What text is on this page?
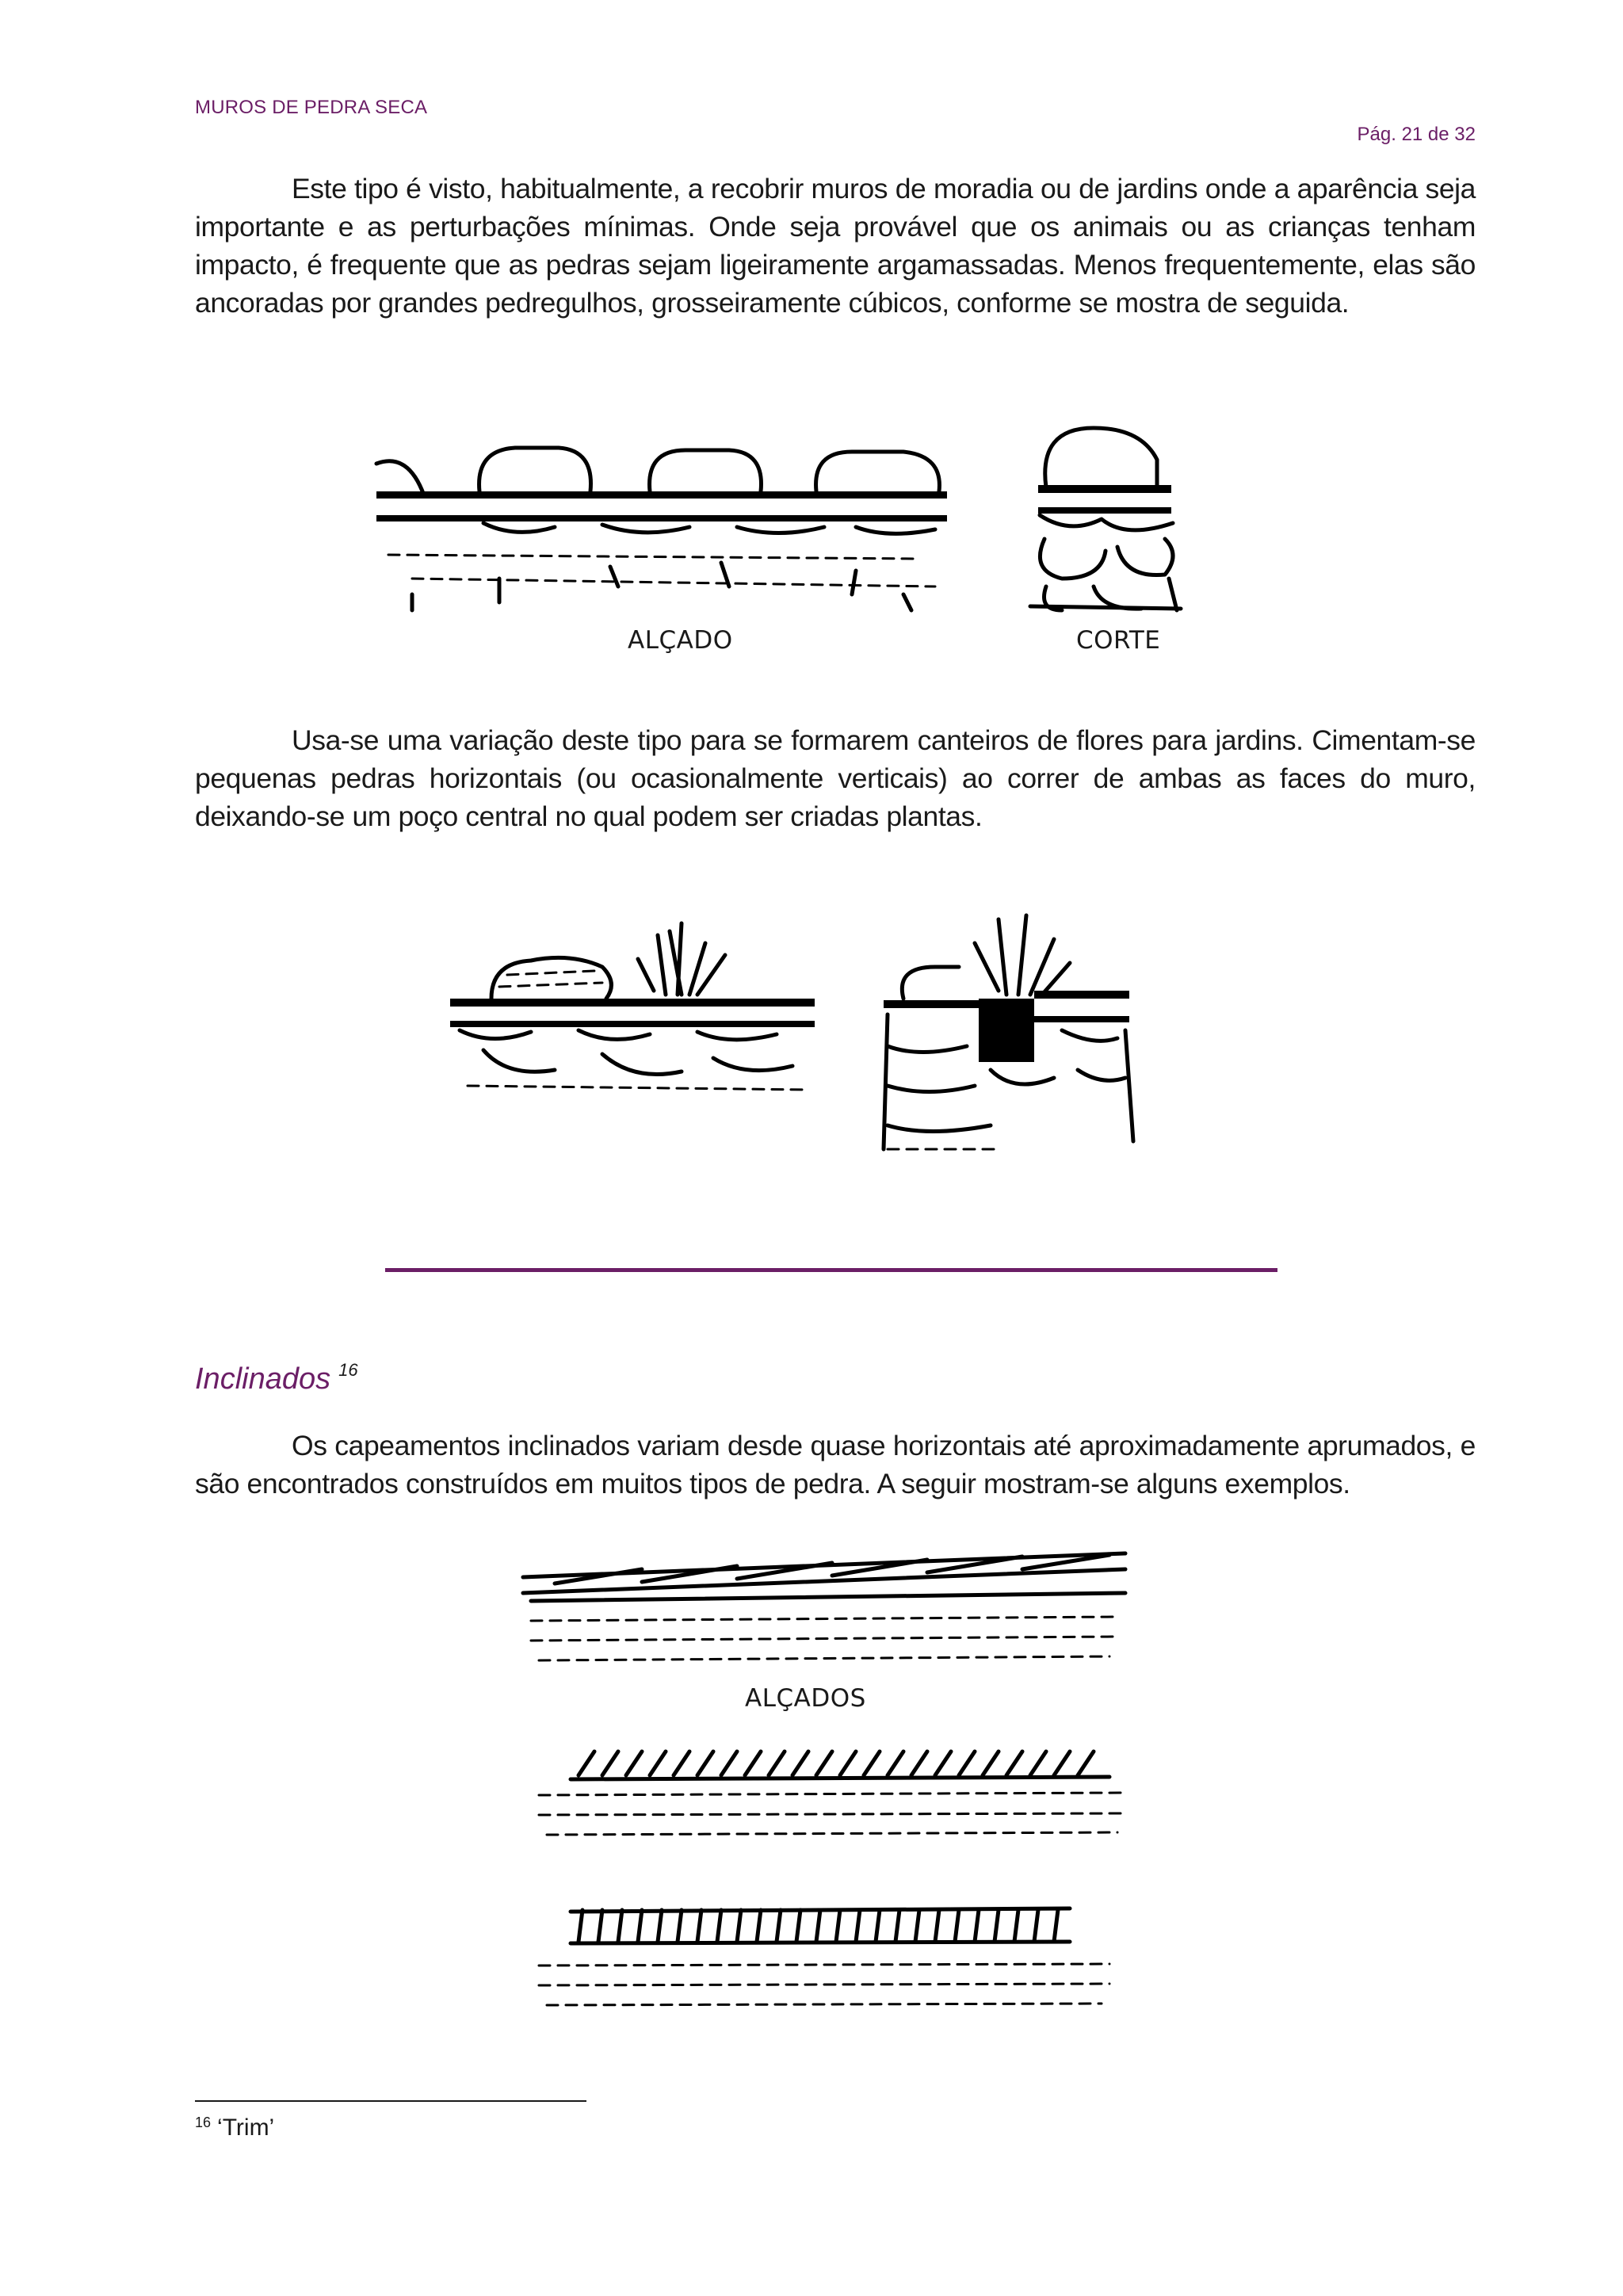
MUROS DE PEDRA SECA
Pág. 21 de 32

Este tipo é visto, habitualmente, a recobrir muros de moradia ou de jardins onde a aparência seja importante e as perturbações mínimas. Onde seja provável que os animais ou as crianças tenham impacto, é frequente que as pedras sejam ligeiramente argamassadas. Menos frequentemente, elas são ancoradas por grandes pedregulhos, grosseiramente cúbicos, conforme se mostra de seguida.

ALÇADO	CORTE

Usa-se uma variação deste tipo para se formarem canteiros de flores para jardins. Cimentam-se pequenas pedras horizontais (ou ocasionalmente verticais) ao correr de ambas as faces do muro, deixando-se um poço central no qual podem ser criadas plantas.

Inclinados $^{16}$

Os capeamentos inclinados variam desde quase horizontais até aproximadamente aprumados, e são encontrados construídos em muitos tipos de pedra. A seguir mostram-se alguns exemplos.

ALÇADOS
$^{16}$ ‘Trim’
